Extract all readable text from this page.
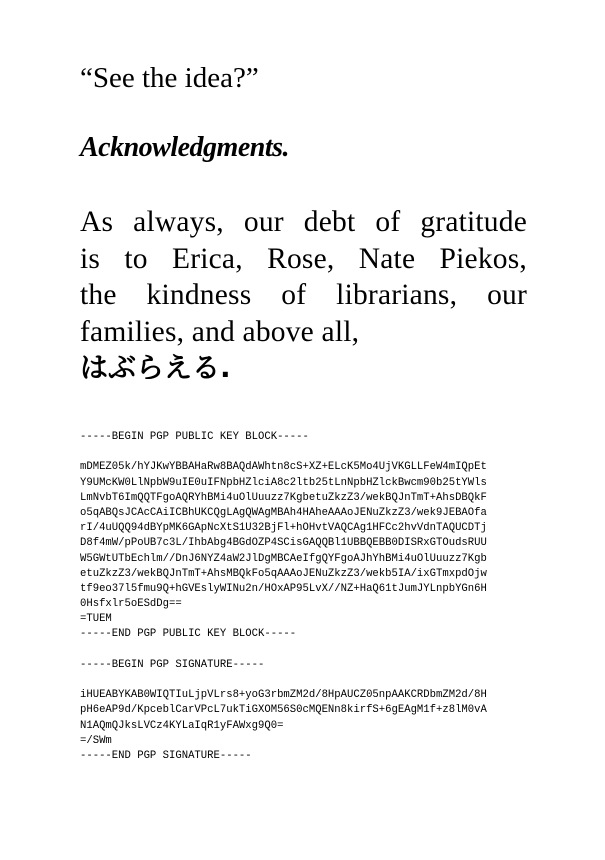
“See the idea?”
Acknowledgments.
As always, our debt of gratitude
is to Erica, Rose, Nate Piekos,
the kindness of librarians, our
families, and above all,
はぶらえる.
-----BEGIN PGP PUBLIC KEY BLOCK-----
mDMEZ05k/hYJKwYBBAHaRw8BAQdAWhtn8cS+XZ+ELcK5Mo4UjVKGLLFeW4mIQpEt
Y9UMcKW0LlNpbW9uIE0uIFNpbHZlciA8c2ltb25tLnNpbHZlckBwcm90b25tYWls
LmNvbT6ImQQTFgoAQRYhBMi4uOlUuuzz7KgbetuZkzZ3/wekBQJnTmT+AhsDBQkF
o5qABQsJCAcCAiICBhUKCQgLAgQWAgMBAh4HAheAAAoJENuZkzZ3/wek9JEBAOfa
rI/4uUQQ94dBYpMK6GApNcXtS1U32BjFl+hOHvtVAQCAg1HFCc2hvVdnTAQUCDTj
D8f4mW/pPoUB7c3L/IhbAbg4BGdOZP4SCisGAQQBl1UBBQEBB0DISRxGTOudsRUU
W5GWtUTbEchlm//DnJ6NYZ4aW2JlDgMBCAeIfgQYFgoAJhYhBMi4uOlUuuzz7Kgb
etuZkzZ3/wekBQJnTmT+AhsMBQkFo5qAAAoJENuZkzZ3/wekb5IA/ixGTmxpdOjw
tf9eo37l5fmu9Q+hGVEslyWINu2n/HOxAP95LvX//NZ+HaQ61tJumJYLnpbYGn6H
0Hsfxlr5oESdDg==
=TUEM
-----END PGP PUBLIC KEY BLOCK-----
-----BEGIN PGP SIGNATURE-----
iHUEABYKAB0WIQTIuLjpVLrs8+yoG3rbmZM2d/8HpAUCZ05npAAKCRDbmZM2d/8H
pH6eAP9d/KpceblCarVPcL7ukTiGXOM56S0cMQENn8kirfS+6gEAgM1f+z8lM0vA
N1AQmQJksLVCz4KYLaIqR1yFAWxg9Q0=
=/SWm
-----END PGP SIGNATURE-----
